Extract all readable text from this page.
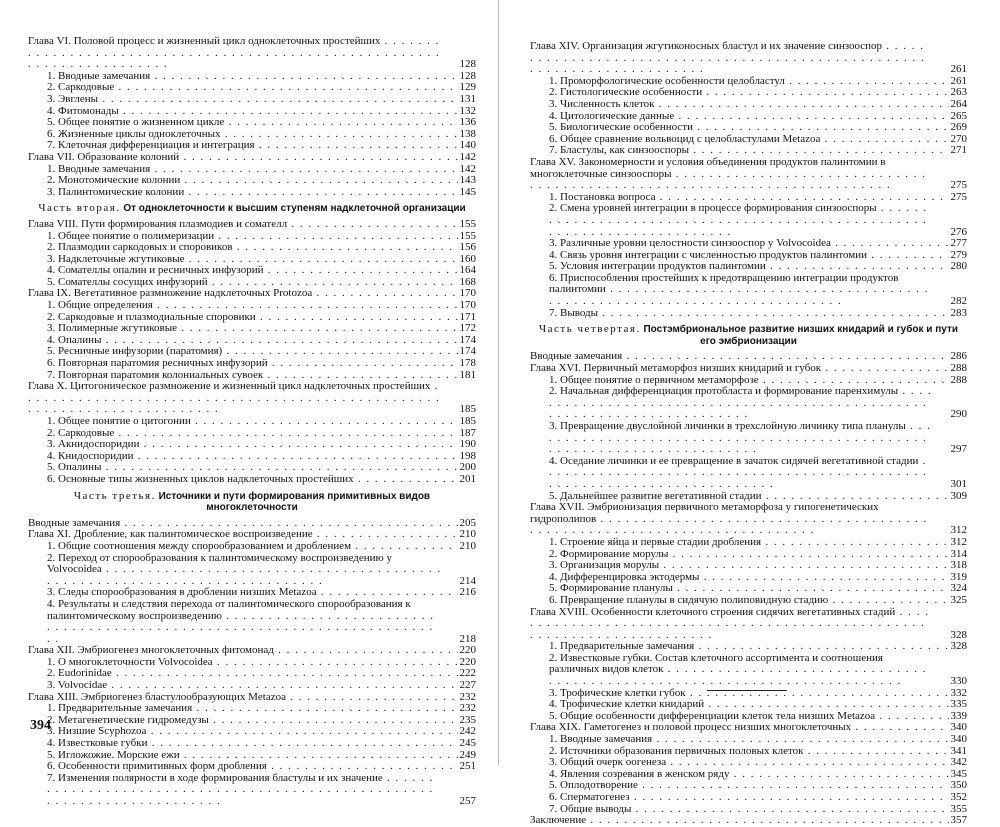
Глава VI. Половой процесс и жизненный цикл одноклеточных простейших . . .
128
1. Вводные замечания . . .	128
2. Саркодовые . . .	129
3. Эвглены . . .	131
4. Фитомонады . . .	132
5. Общее понятие о жизненном цикле . . .	136
6. Жизненные циклы одноклеточных . . .	138
7. Клеточная дифференциация и интеграция . . .	140
Глава VII. Образование колоний . . .	142
1. Вводные замечания . . .	142
2. Монотомические колонии . . .	143
3. Палинтомические колонии . . .	145
Часть вторая. От одноклеточности к высшим ступеням надклеточной организации
Глава VIII. Пути формирования плазмодиев и сомателл . . .	155
1. Общее понятие о полимеризации . . .	155
2. Плазмодии саркодовых и споровиков . . .	156
3. Надклеточные жгутиковые . . .	160
4. Сомателлы опалин и ресничных инфузорий . . .	164
5. Сомателлы сосущих инфузорий . . .	168
Глава IX. Вегетативное размножение надклеточных Protozoa . . .	170
1. Общие определения . . .	170
2. Саркодовые и плазмодиальные споровики . . .	171
3. Полимерные жгутиковые . . .	172
4. Опалины . . .	174
5. Ресничные инфузории (паратомия) . . .	174
6. Повторная паратомия ресничных инфузорий . . .	178
7. Повторная паратомия колониальных сувоек . . .	181
Глава X. Цитогоническое размножение и жизненный цикл надклеточных простейших . . .
185
1. Общее понятие о цитогонии . . .	185
2. Саркодовые . . .	187
3. Акнидоспоридии . . .	190
4. Книдоспоридии . . .	198
5. Опалины . . .	200
6. Основные типы жизненных циклов надклеточных простейших . . .	201
Часть третья. Источники и пути формирования примитивных видов многоклеточности
Вводные замечания . . .	205
Глава XI. Дробление, как палинтомическое воспроизведение . . .	210
1. Общие соотношения между спорообразованием и дроблением . . .	210
2. Переход от спорообразования к палинтомическому воспроизведению у Volvocoidea . . .
214
3. Следы спорообразования в дроблении низших Metazoa . . .	216
4. Результаты и следствия перехода от палинтомического спорообразования к палинтомическому воспроизведению . . .
218
Глава XII. Эмбриогенез многоклеточных фитомонад . . .	220
1. О многоклеточности Volvocoidea . . .	220
2. Eudorinidae . . .	222
3. Volvocidae . . .	227
Глава XIII. Эмбриогенез бластулообразующих Metazoa . . .	232
1. Предварительные замечания . . .	232
2. Метагенетические гидромедузы . . .	235
3. Низшие Scyphozoa . . .	242
4. Известковые губки . . .	245
5. Игложожие. Морские ежи . . .	249
6. Особенности примитивных форм дробления . . .	251
7. Изменения полярности в ходе формирования бластулы и их значение . . .
257
394
Глава XIV. Организация жгутиконосных бластул и их значение синзооспор . . .
261
1. Проморфологические особенности целобластул . . .	261
2. Гистологические особенности . . .	263
3. Численность клеток . . .	264
4. Цитологические данные . . .	265
5. Биологические особенности . . .	269
6. Общее сравнение вольвоцид с целобластулами Metazoa . . .	270
7. Бластулы, как синзооспоры . . .	271
Глава XV. Закономерности и условия объединения продуктов палинтомии в многоклеточные синзооспоры . . .
275
1. Постановка вопроса . . .	275
2. Смена уровней интеграции в процессе формирования синзооспоры . . .
276
3. Различные уровни целостности синзооспор у Volvocoidea . . .	277
4. Связь уровня интеграции с численностью продуктов палинтомии . . .	279
5. Условия интеграции продуктов палинтомии . . .	280
6. Приспособления простейших к предотвращению интеграции продуктов палинтомии . . .
282
7. Выводы . . .	283
Часть четвертая. Постэмбриональное развитие низших книдарий и губок и пути его эмбрионизации
Вводные замечания . . .	286
Глава XVI. Первичный метаморфоз низших книдарий и губок . . .	288
1. Общее понятие о первичном метаморфозе . . .	288
2. Начальная дифференциация протобласта и формирование паренхимулы . . .
290
3. Превращение двуслойной личинки в трехслойную личинку типа планулы . . .
297
4. Оседание личинки и ее превращение в зачаток сидячей вегетативной стадии . . .
301
5. Дальнейшее развитие вегетативной стадии . . .	309
Глава XVII. Эмбрионизация первичного метаморфоза у гипогенетических гидрополипов . . .
312
1. Строение яйца и первые стадии дробления . . .	312
2. Формирование морулы . . .	314
3. Организация морулы . . .	318
4. Дифференцировка эктодермы . . .	319
5. Формирование планулы . . .	324
6. Превращение планулы в сидячую полиповидную стадию . . .	325
Глава XVIII. Особенности клеточного строения сидячих вегетативных стадий . . .
328
1. Предварительные замечания . . .	328
2. Известковые губки. Состав клеточного ассортимента и соотношения различных видов клеток . . .
330
3. Трофические клетки губок . . .	332
4. Трофические клетки книдарий . . .	335
5. Общие особенности дифференциации клеток тела низших Metazoa . . .	339
Глава XIX. Гаметогенез и половой процесс низших многоклеточных . . .	340
1. Вводные замечания . . .	340
2. Источники образования первичных половых клеток . . .	341
3. Общий очерк оогенеза . . .	342
4. Явления созревания в женском ряду . . .	345
5. Оплодотворение . . .	350
6. Сперматогенез . . .	352
7. Общие выводы . . .	355
Заключение . . .	357
